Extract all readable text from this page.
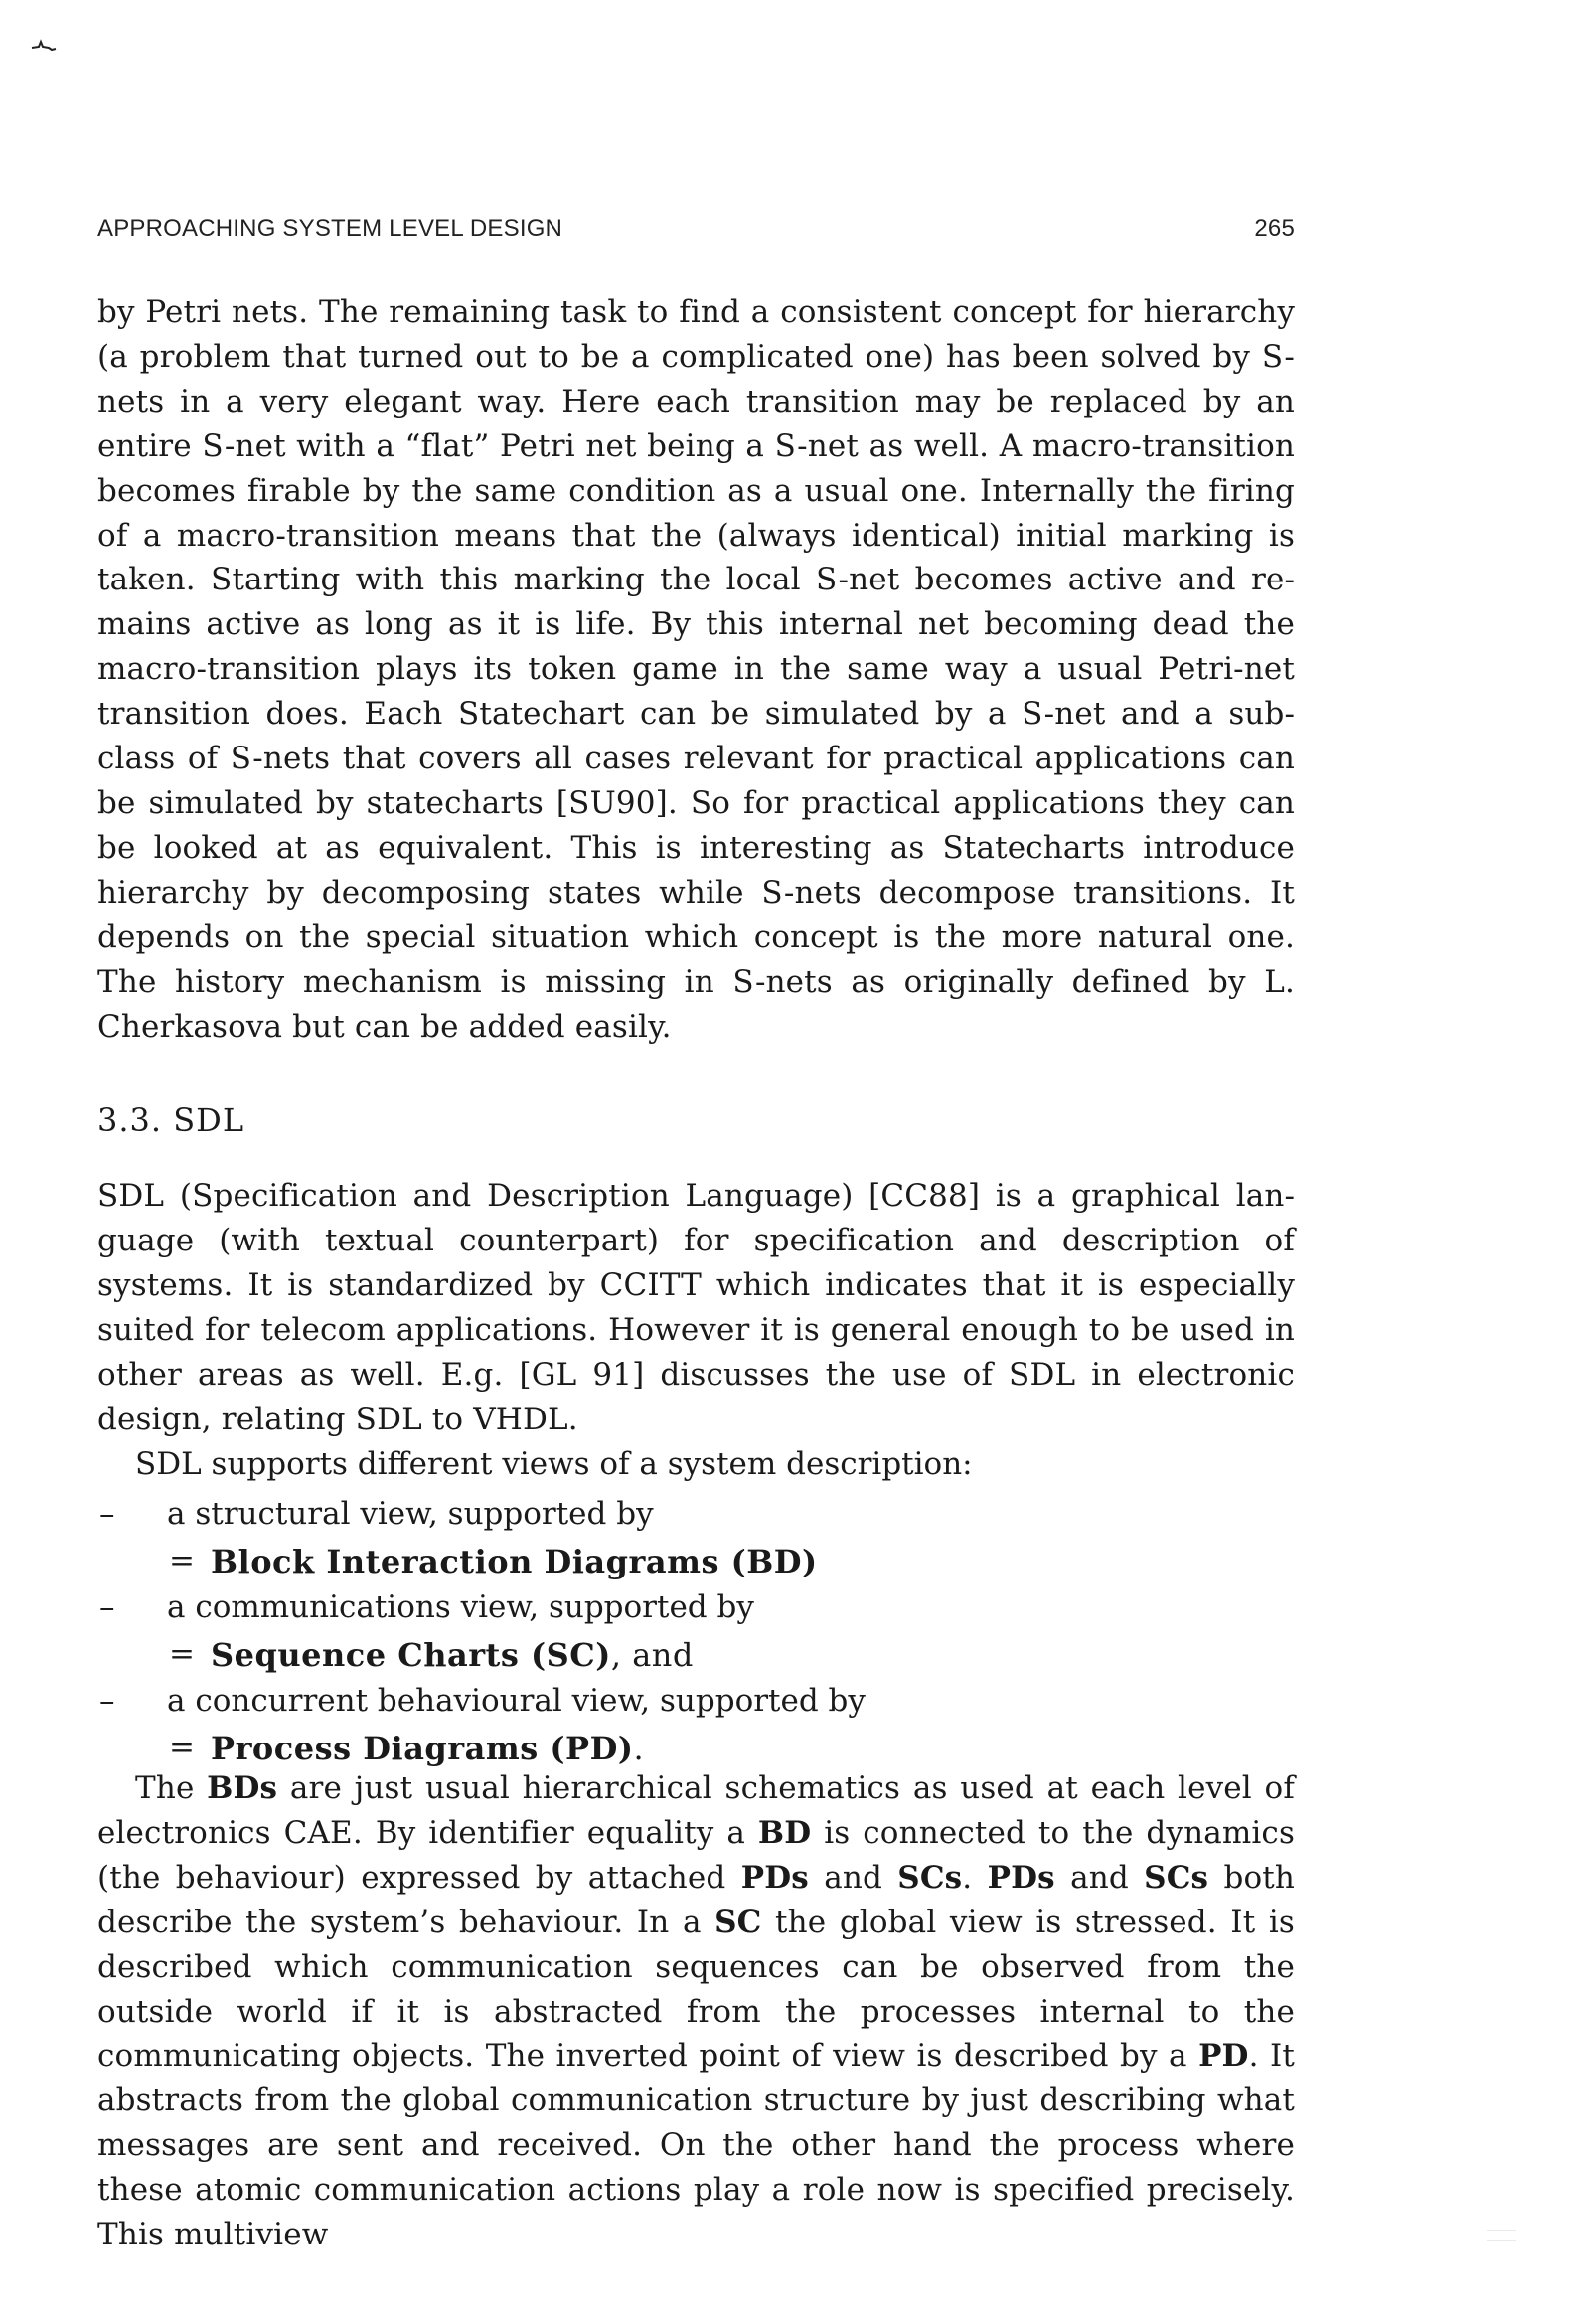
APPROACHING SYSTEM LEVEL DESIGN	265

by Petri nets. The remaining task to find a consistent concept for hierarchy (a problem that turned out to be a complicated one) has been solved by S-nets in a very elegant way. Here each transition may be replaced by an entire S-net with a “flat” Petri net being a S-net as well. A macro-transition becomes firable by the same condition as a usual one. Internally the firing of a macro-transition means that the (always identical) initial marking is taken. Starting with this marking the local S-net becomes active and remains active as long as it is life. By this internal net becoming dead the macro-transition plays its token game in the same way a usual Petri-net transition does. Each Statechart can be simulated by a S-net and a subclass of S-nets that covers all cases relevant for practical applications can be simulated by statecharts [SU90]. So for practical applications they can be looked at as equivalent. This is interesting as Statecharts introduce hierarchy by decomposing states while S-nets decompose transitions. It depends on the special situation which concept is the more natural one. The history mechanism is missing in S-nets as originally defined by L. Cherkasova but can be added easily.

3.3. SDL

SDL (Specification and Description Language) [CC88] is a graphical language (with textual counterpart) for specification and description of systems. It is standardized by CCITT which indicates that it is especially suited for telecom applications. However it is general enough to be used in other areas as well. E.g. [GL 91] discusses the use of SDL in electronic design, relating SDL to VHDL.

SDL supports different views of a system description:
– a structural view, supported by
= Block Interaction Diagrams (BD)
– a communications view, supported by
= Sequence Charts (SC), and
– a concurrent behavioural view, supported by
= Process Diagrams (PD).

The BDs are just usual hierarchical schematics as used at each level of electronics CAE. By identifier equality a BD is connected to the dynamics (the behaviour) expressed by attached PDs and SCs. PDs and SCs both describe the system’s behaviour. In a SC the global view is stressed. It is described which communication sequences can be observed from the outside world if it is abstracted from the processes internal to the communicating objects. The inverted point of view is described by a PD. It abstracts from the global communication structure by just describing what messages are sent and received. On the other hand the process where these atomic communication actions play a role now is specified precisely. This multiview
